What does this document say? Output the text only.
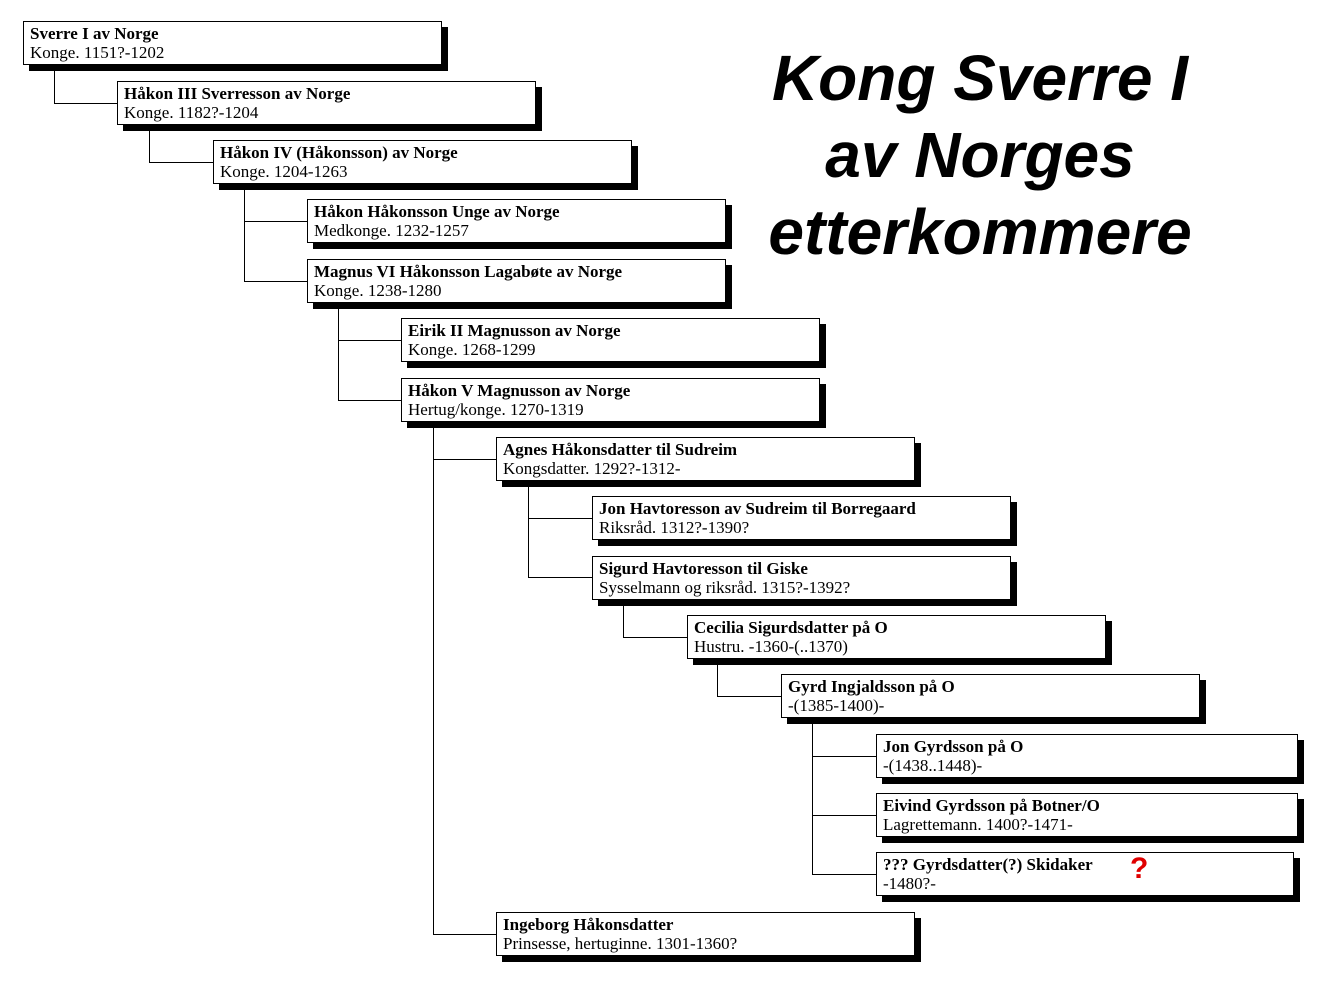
Sverre I av Norge
Konge. 1151?-1202
Håkon III Sverresson av Norge
Konge. 1182?-1204
Håkon IV (Håkonsson) av Norge
Konge. 1204-1263
Håkon Håkonsson Unge av Norge
Medkonge. 1232-1257
Magnus VI Håkonsson Lagabøte av Norge
Konge. 1238-1280
Eirik II Magnusson av Norge
Konge. 1268-1299
Håkon V Magnusson av Norge
Hertug/konge. 1270-1319
Agnes Håkonsdatter til Sudreim
Kongsdatter. 1292?-1312-
Jon Havtoresson av Sudreim til Borregaard
Riksråd. 1312?-1390?
Sigurd Havtoresson til Giske
Sysselmann og riksråd. 1315?-1392?
Cecilia Sigurdsdatter på O
Hustru. -1360-(..1370)
Gyrd Ingjaldsson på O
-(1385-1400)-
Jon Gyrdsson på O
-(1438..1448)-
Eivind Gyrdsson på Botner/O
Lagrettemann. 1400?-1471-
??? Gyrdsdatter(?) Skidaker
-1480?-
Ingeborg Håkonsdatter
Prinsesse, hertuginne. 1301-1360?
Kong Sverre I
av Norges
etterkommere
?
